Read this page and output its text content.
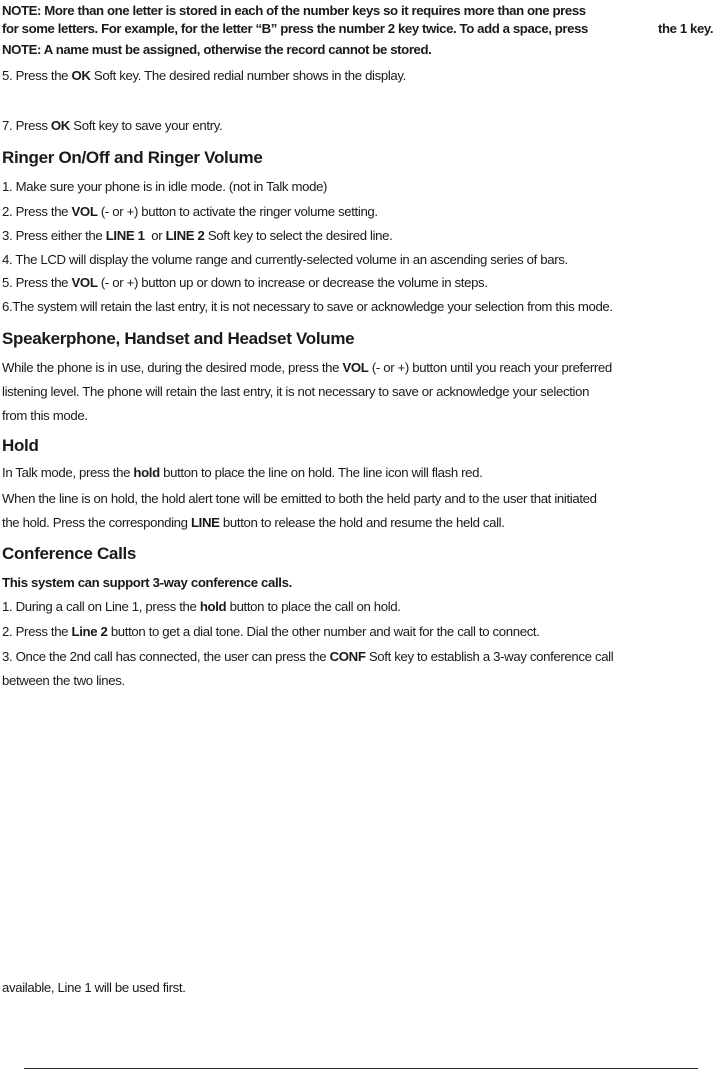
NOTE: More than one letter is stored in each of the number keys so it requires more than one press
for some letters. For example, for the letter “B” press the number 2 key twice. To add a space, press	the 1 key.
NOTE: A name must be assigned, otherwise the record cannot be stored.
5. Press the OK Soft key. The desired redial number shows in the display.
7. Press OK Soft key to save your entry.
Ringer On/Off and Ringer Volume
1. Make sure your phone is in idle mode. (not in Talk mode)
2. Press the VOL (- or +) button to activate the ringer volume setting.
3. Press either the LINE 1  or LINE 2 Soft key to select the desired line.
4. The LCD will display the volume range and currently-selected volume in an ascending series of bars.
5. Press the VOL (- or +) button up or down to increase or decrease the volume in steps.
6.The system will retain the last entry, it is not necessary to save or acknowledge your selection from this mode.
Speakerphone, Handset and Headset Volume
While the phone is in use, during the desired mode, press the VOL (- or +) button until you reach your preferred
listening level. The phone will retain the last entry, it is not necessary to save or acknowledge your selection
from this mode.
Hold
In Talk mode, press the hold button to place the line on hold. The line icon will flash red.
When the line is on hold, the hold alert tone will be emitted to both the held party and to the user that initiated
the hold. Press the corresponding LINE button to release the hold and resume the held call.
Conference Calls
This system can support 3-way conference calls.
1. During a call on Line 1, press the hold button to place the call on hold.
2. Press the Line 2 button to get a dial tone. Dial the other number and wait for the call to connect.
3. Once the 2nd call has connected, the user can press the CONF Soft key to establish a 3-way conference call
between the two lines.
available, Line 1 will be used first.
